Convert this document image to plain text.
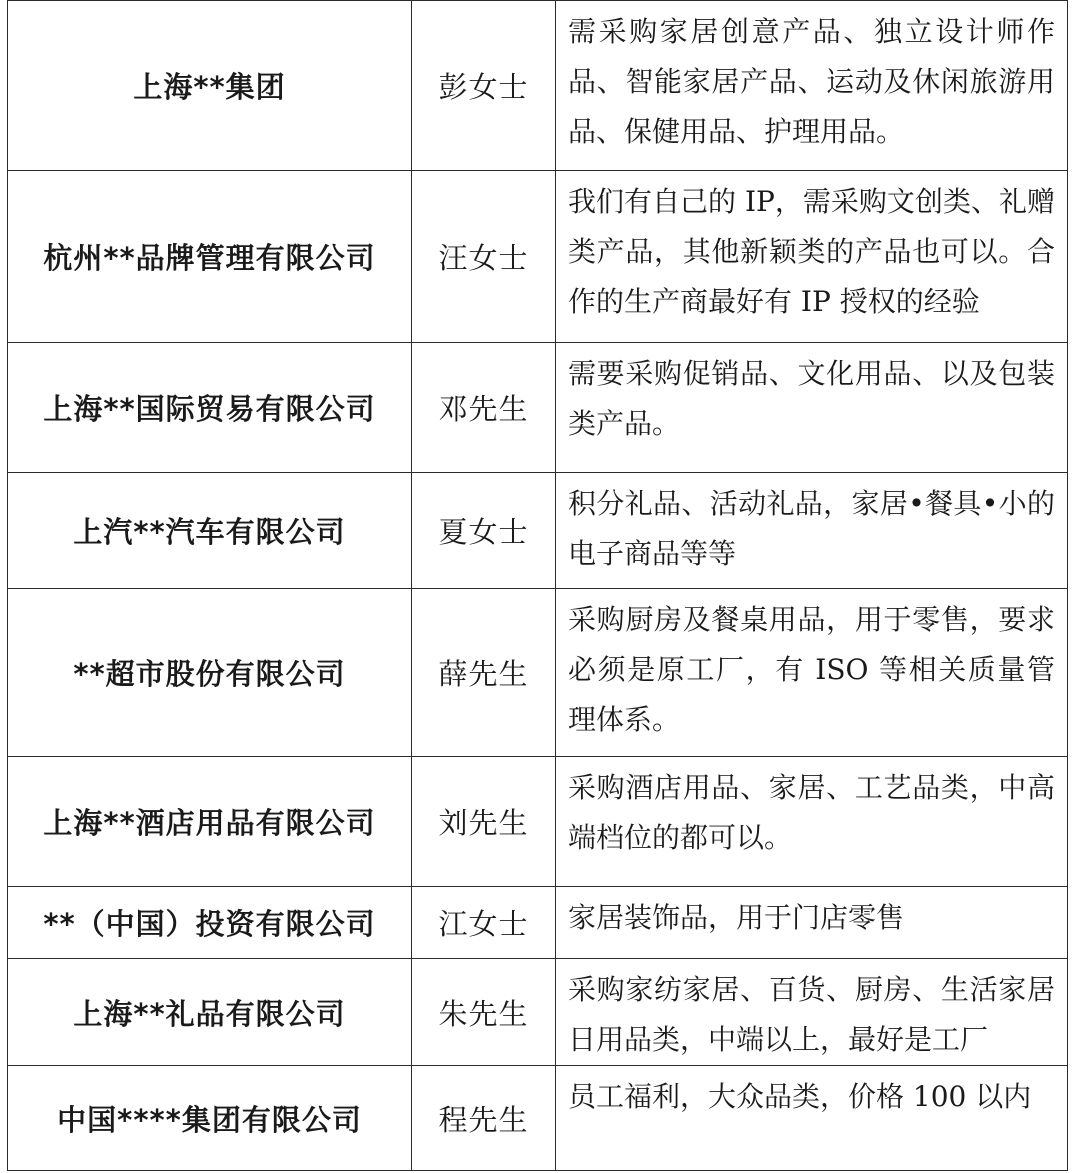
上海**集团	彭女士	需采购家居创意产品、独立设计师作品、智能家居产品、运动及休闲旅游用品、保健用品、护理用品。
杭州**品牌管理有限公司	汪女士	我们有自己的 IP，需采购文创类、礼赠类产品，其他新颖类的产品也可以。合作的生产商最好有 IP 授权的经验
上海**国际贸易有限公司	邓先生	需要采购促销品、文化用品、以及包装类产品。
上汽**汽车有限公司	夏女士	积分礼品、活动礼品，家居•餐具•小的电子商品等等
**超市股份有限公司	薛先生	采购厨房及餐桌用品，用于零售，要求必须是原工厂，有 ISO 等相关质量管理体系。
上海**酒店用品有限公司	刘先生	采购酒店用品、家居、工艺品类，中高端档位的都可以。
**（中国）投资有限公司	江女士	家居装饰品，用于门店零售
上海**礼品有限公司	朱先生	采购家纺家居、百货、厨房、生活家居日用品类，中端以上，最好是工厂
中国****集团有限公司	程先生	员工福利，大众品类，价格 100 以内
